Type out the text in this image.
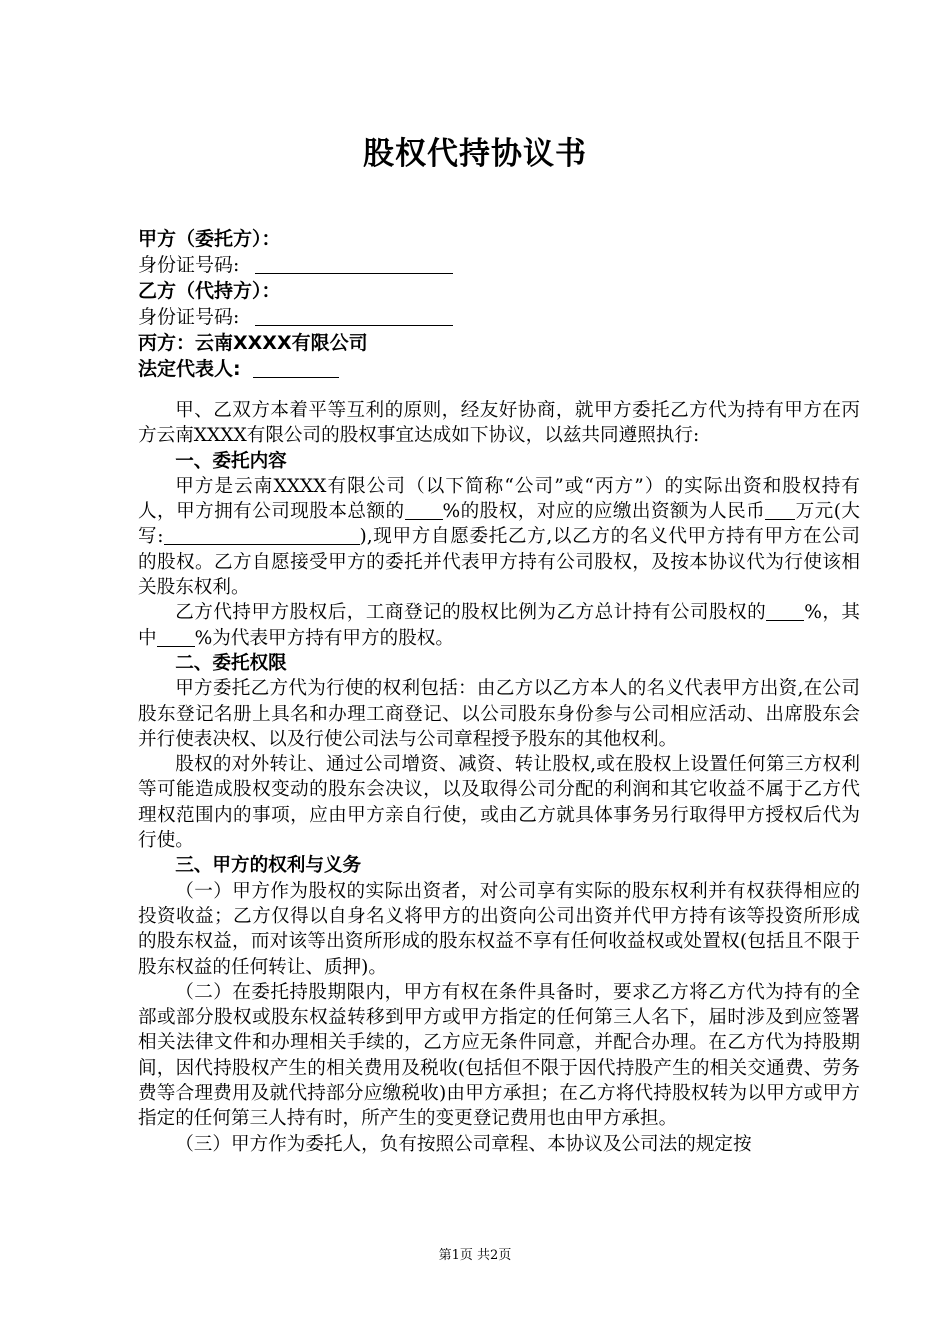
股权代持协议书
甲方（委托方）：
身份证号码:
乙方（代持方）：
身份证号码:
丙方：云南XXXX有限公司
法定代表人:

甲、乙双方本着平等互利的原则，经友好协商，就甲方委托乙方代为持有甲方在丙方云南XXXX有限公司的股权事宜达成如下协议，以兹共同遵照执行:

一、委托内容

甲方是云南XXXX有限公司（以下简称“公司”或“丙方”）的实际出资和股权持有人，甲方拥有公司现股本总额的 %的股权，对应的应缴出资额为人民币 万元(大写:	),现甲方自愿委托乙方,以乙方的名义代甲方持有甲方在公司的股权。乙方自愿接受甲方的委托并代表甲方持有公司股权，及按本协议代为行使该相关股东权利。

乙方代持甲方股权后，工商登记的股权比例为乙方总计持有公司股权的 %，其中 %为代表甲方持有甲方的股权。

二、委托权限

甲方委托乙方代为行使的权利包括：由乙方以乙方本人的名义代表甲方出资,在公司股东登记名册上具名和办理工商登记、以公司股东身份参与公司相应活动、出席股东会并行使表决权、以及行使公司法与公司章程授予股东的其他权利。

股权的对外转让、通过公司增资、减资、转让股权,或在股权上设置任何第三方权利等可能造成股权变动的股东会决议，以及取得公司分配的利润和其它收益不属于乙方代理权范围内的事项，应由甲方亲自行使，或由乙方就具体事务另行取得甲方授权后代为行使。

三、甲方的权利与义务

（一）甲方作为股权的实际出资者，对公司享有实际的股东权利并有权获得相应的投资收益；乙方仅得以自身名义将甲方的出资向公司出资并代甲方持有该等投资所形成的股东权益，而对该等出资所形成的股东权益不享有任何收益权或处置权(包括且不限于股东权益的任何转让、质押)。

（二）在委托持股期限内，甲方有权在条件具备时，要求乙方将乙方代为持有的全部或部分股权或股东权益转移到甲方或甲方指定的任何第三人名下，届时涉及到应签署相关法律文件和办理相关手续的，乙方应无条件同意，并配合办理。在乙方代为持股期间，因代持股权产生的相关费用及税收(包括但不限于因代持股产生的相关交通费、劳务费等合理费用及就代持部分应缴税收)由甲方承担；在乙方将代持股权转为以甲方或甲方指定的任何第三人持有时，所产生的变更登记费用也由甲方承担。

（三）甲方作为委托人，负有按照公司章程、本协议及公司法的规定按

第1页 共2页
